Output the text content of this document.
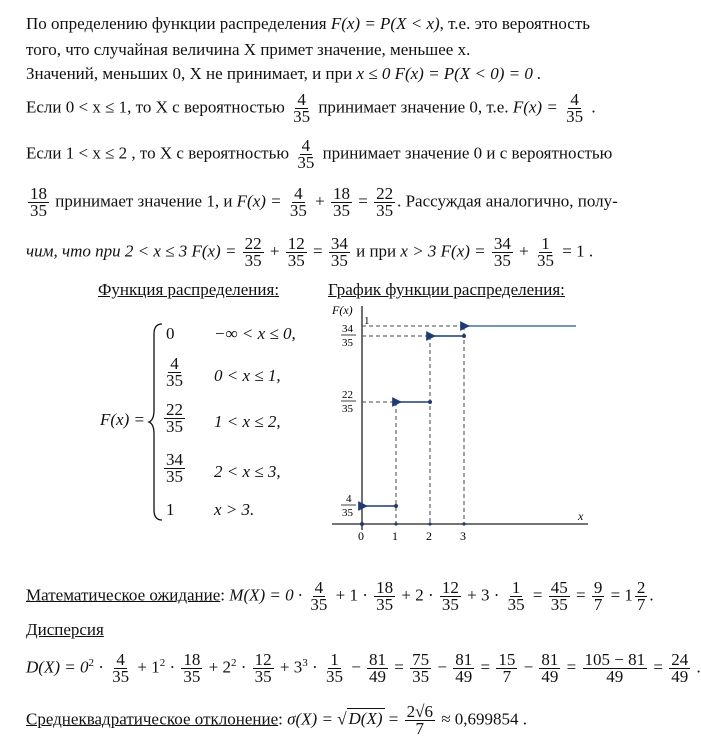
По определению функции распределения F(x) = P(X < x), т.е. это вероятность
того, что случайная величина X примет значение, меньшее x.
Значений, меньших 0, X не принимает, и при x ≤ 0 F(x) = P(X < 0) = 0 .
Если 0 < x ≤ 1, то X с вероятностью $\frac{4}{35}$ принимает значение 0, т.е. $F(x) = \frac{4}{35}$ .
Если 1 < x ≤ 2 , то X с вероятностью $\frac{4}{35}$ принимает значение 0 и с вероятностью
$\frac{18}{35}$ принимает значение 1, и $F(x) = \frac{4}{35} + \frac{18}{35} = \frac{22}{35}$ . Рассуждая аналогично, полу-
чим, что при 2 < x ≤ 3 $F(x) = \frac{22}{35} + \frac{12}{35} = \frac{34}{35}$ и при x > 3 $F(x) = \frac{34}{35} + \frac{1}{35} = 1$ .
Функция распределения:	График функции распределения:
F(x) =
0 −∞ < x ≤ 0,
$\frac{4}{35} 0 < x \le 1$,
$\frac{22}{35} 1 < x \le 2$,
$\frac{34}{35} 2 < x \le 3$,
1 x > 3.
F(x)
x
0 1 2 3
34
35
1
22
35
4
35
Математическое ожидание: $M(X) = 0 \cdot \frac{4}{35} + 1 \cdot \frac{18}{35} + 2 \cdot \frac{12}{35} + 3 \cdot \frac{1}{35} = \frac{45}{35} = \frac{9}{7} = 1 \frac{2}{7}$ .
Дисперсия
$D(X) = 0^2 \cdot \frac{4}{35} + 1^2 \cdot \frac{18}{35} + 2^2 \cdot \frac{12}{35} + 3^3 \cdot \frac{1}{35} - \frac{81}{49} = \frac{75}{35} - \frac{81}{49} = \frac{15}{7} - \frac{81}{49} = \frac{105 - 81}{49} = \frac{24}{49}$ .
Среднеквадратическое отклонение: σ(X) = √ $D(X) = \frac{2√6}{7} \approx 0,699854$ .
